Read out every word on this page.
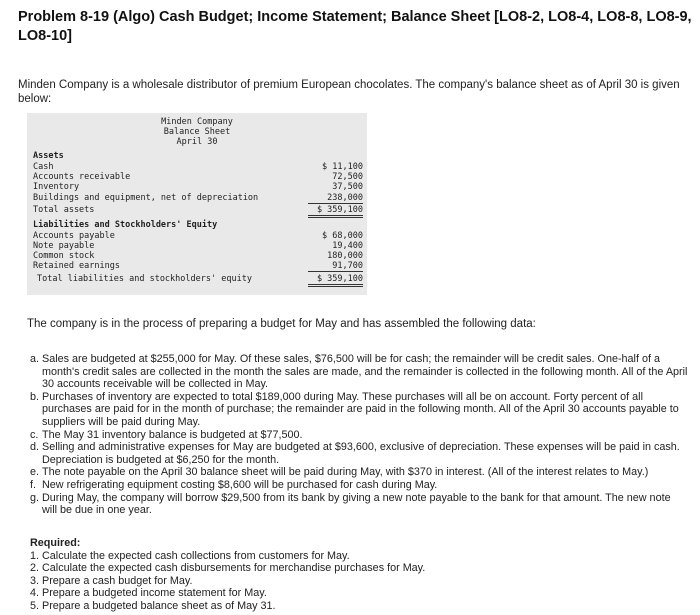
Problem 8-19 (Algo) Cash Budget; Income Statement; Balance Sheet [LO8-2, LO8-4, LO8-8, LO8-9, LO8-10]
Minden Company is a wholesale distributor of premium European chocolates. The company's balance sheet as of April 30 is given below:
Minden Company
Balance Sheet
April 30
Assets
Cash	$ 11,100
Accounts receivable	72,500
Inventory	37,500
Buildings and equipment, net of depreciation	238,000
Total assets	$ 359,100
Liabilities and Stockholders' Equity
Accounts payable	$ 68,000
Note payable	19,400
Common stock	180,000
Retained earnings	91,700
Total liabilities and stockholders' equity	$ 359,100
The company is in the process of preparing a budget for May and has assembled the following data:
a. Sales are budgeted at $255,000 for May. Of these sales, $76,500 will be for cash; the remainder will be credit sales. One-half of a month's credit sales are collected in the month the sales are made, and the remainder is collected in the following month. All of the April 30 accounts receivable will be collected in May.
b. Purchases of inventory are expected to total $189,000 during May. These purchases will all be on account. Forty percent of all purchases are paid for in the month of purchase; the remainder are paid in the following month. All of the April 30 accounts payable to suppliers will be paid during May.
c. The May 31 inventory balance is budgeted at $77,500.
d. Selling and administrative expenses for May are budgeted at $93,600, exclusive of depreciation. These expenses will be paid in cash. Depreciation is budgeted at $6,250 for the month.
e. The note payable on the April 30 balance sheet will be paid during May, with $370 in interest. (All of the interest relates to May.)
f. New refrigerating equipment costing $8,600 will be purchased for cash during May.
g. During May, the company will borrow $29,500 from its bank by giving a new note payable to the bank for that amount. The new note will be due in one year.
Required:
1. Calculate the expected cash collections from customers for May.
2. Calculate the expected cash disbursements for merchandise purchases for May.
3. Prepare a cash budget for May.
4. Prepare a budgeted income statement for May.
5. Prepare a budgeted balance sheet as of May 31.
